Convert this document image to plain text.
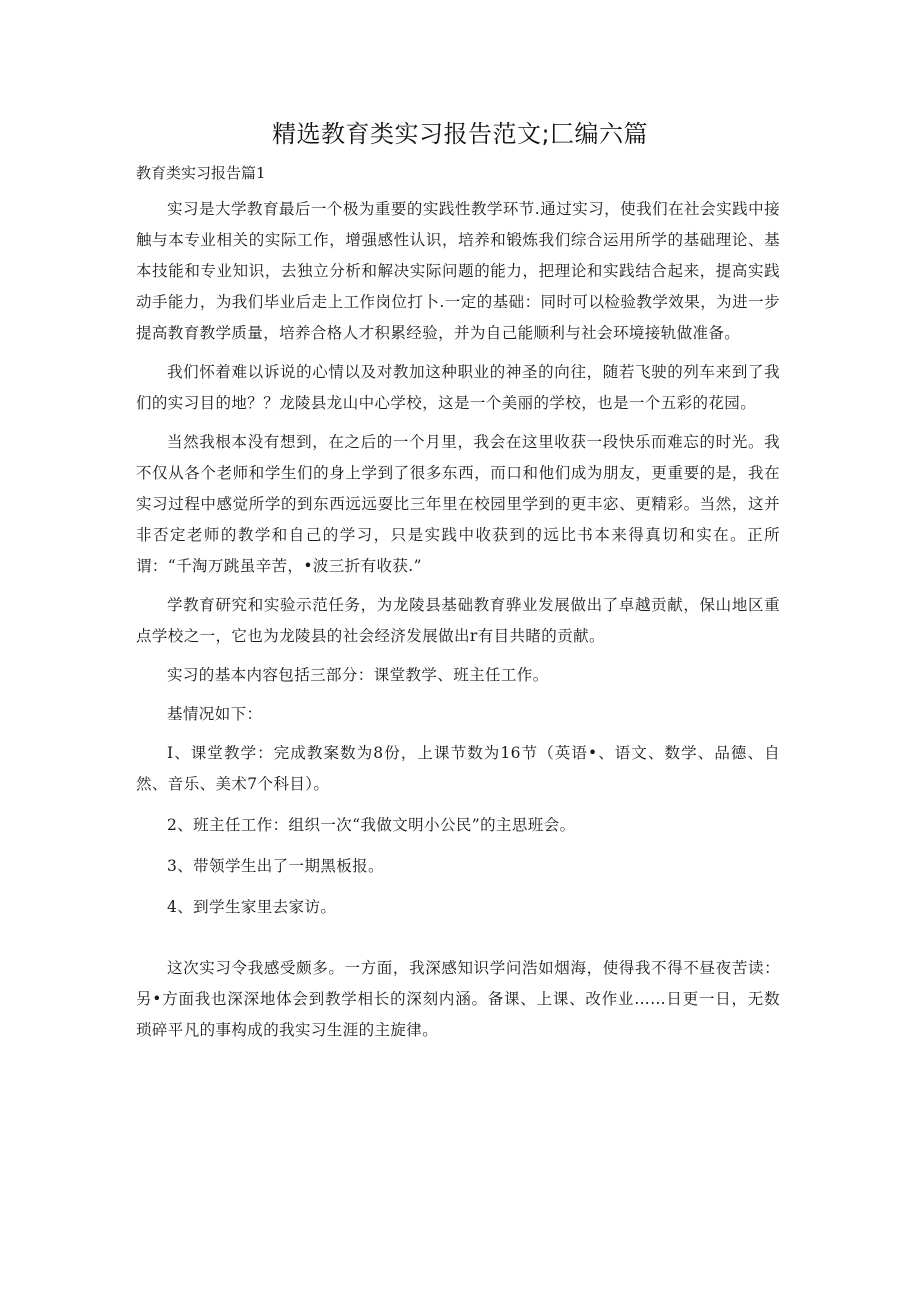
精选教育类实习报告范文;匚编六篇
教育类实习报告篇1

实习是大学教育最后一个极为重要的实践性教学环节.通过实习，使我们在社会实践中接触与本专业相关的实际工作，增强感性认识，培养和锻炼我们综合运用所学的基础理论、基本技能和专业知识，去独立分析和解决实际问题的能力，把理论和实践结合起来，提高实践动手能力，为我们毕业后走上工作岗位打卜.一定的基础：同时可以检验教学效果，为进一步提高教育教学质量，培养合格人才积累经验，并为自己能顺利与社会环境接轨做准备。

我们怀着难以诉说的心情以及对教加这种职业的神圣的向往，随若飞驶的列车来到了我们的实习目的地？？龙陵县龙山中心学校，这是一个美丽的学校，也是一个五彩的花园。

当然我根本没有想到，在之后的一个月里，我会在这里收获一段快乐而难忘的时光。我不仅从各个老师和学生们的身上学到了很多东西，而口和他们成为朋友，更重要的是，我在实习过程中感觉所学的到东西远远耍比三年里在校园里学到的更丰宓、更精彩。当然，这并非否定老师的教学和自己的学习，只是实践中收获到的远比书本来得真切和实在。正所谓：“千淘万跳虽辛苦，•波三折有收获.”

学教育研究和实验示范任务，为龙陵县基础教育骅业发展做出了卓越贡献，保山地区重点学校之一，它也为龙陵县的社会经济发展做出r有目共睹的贡献。

实习的基本内容包括三部分：课堂教学、班主任工作。

基情况如下：

I、课堂教学：完成教案数为8份，上课节数为16节（英语•、语文、数学、品德、自然、音乐、美术7个科目）。

2、班主任工作：组织一次“我做文明小公民”的主思班会。

3、带领学生出了一期黑板报。

4、到学生家里去家访。

这次实习令我感受颇多。一方面，我深感知识学问浩如烟海，使得我不得不昼夜苦读：另•方面我也深深地体会到教学相长的深刻内涵。备课、上课、改作业……日更一日，无数琐碎平凡的事构成的我实习生涯的主旋律。
